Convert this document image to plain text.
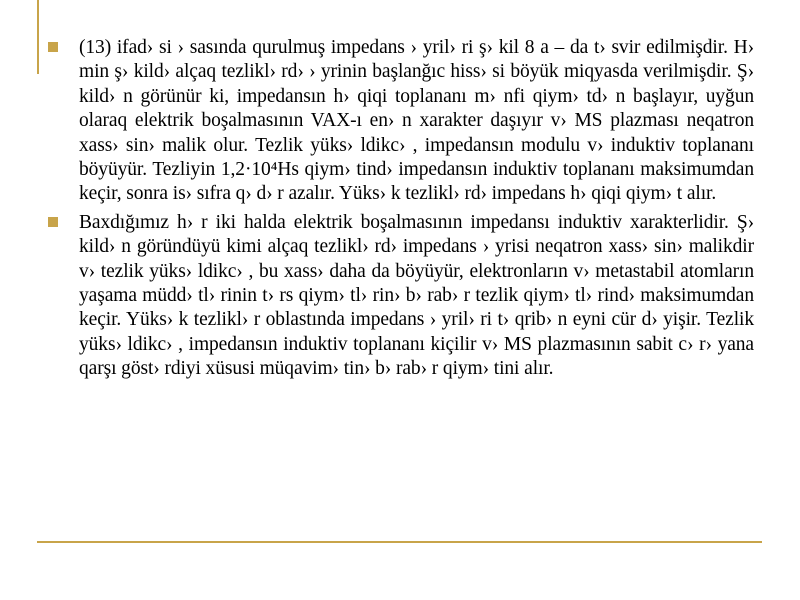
(13) ifad› si › sasında qurulmuş impedans › yril› ri ş› kil 8 a – da t› svir edilmişdir. H› min ş› kild› alçaq tezlikl› rd› › yrinin başlanğıc hiss› si böyük miqyasda verilmişdir. Ş› kild› n görünür ki, impedansın h› qiqi toplananı m› nfi qiym› td› n başlayır, uyğun olaraq elektrik boşalmasının VAX-ı en› n xarakter daşıyır v› MS plazması neqatron xass› sin› malik olur. Tezlik yüks› ldikc› , impedansın modulu v› induktiv toplananı böyüyür. Tezliyin 1,2·10⁴Hs qiym› tind› impedansın induktiv toplananı maksimumdan keçir, sonra is› sıfra q› d› r azalır. Yüks› k tezlikl› rd› impedans h› qiqi qiym› t alır.

Baxdığımız h› r iki halda elektrik boşalmasının impedansı induktiv xarakterlidir. Ş› kild› n göründüyü kimi alçaq tezlikl› rd› impedans › yrisi neqatron xass› sin› malikdir v› tezlik yüks› ldikc› , bu xass› daha da böyüyür, elektronların v› metastabil atomların yaşama müdd› tl› rinin t› rs qiym› tl› rin› b› rab› r tezlik qiym› tl› rind› maksimumdan keçir. Yüks› k tezlikl› r oblastında impedans › yril› ri t› qrib› n eyni cür d› yişir. Tezlik yüks› ldikc› , impedansın induktiv toplananı kiçilir v› MS plazmasının sabit c› r› yana qarşı göst› rdiyi xüsusi müqavim› tin› b› rab› r qiym› tini alır.
